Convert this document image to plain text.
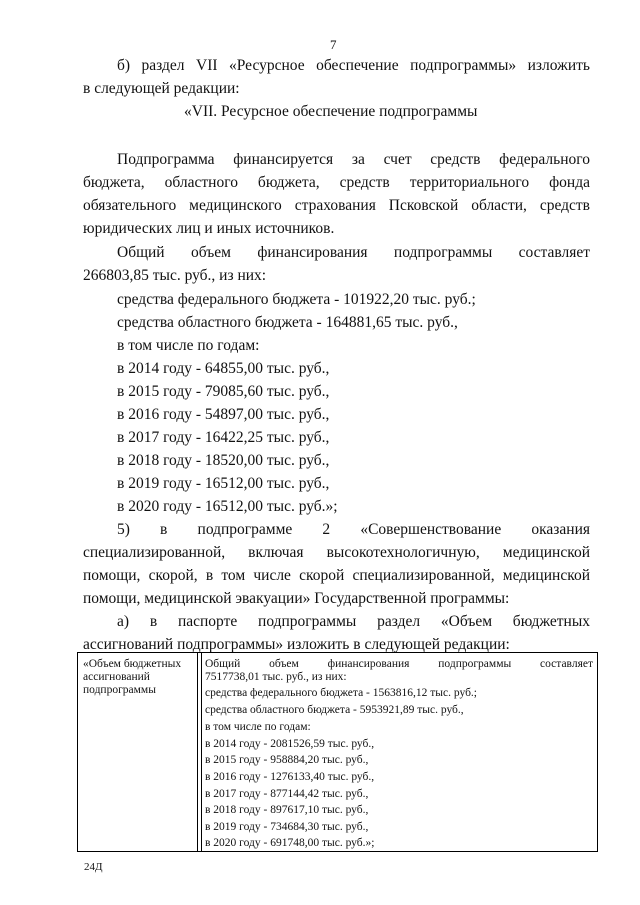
7
б) раздел VII «Ресурсное обеспечение подпрограммы» изложить
в следующей редакции:
«VII. Ресурсное обеспечение подпрограммы
Подпрограмма финансируется за счет средств федерального
бюджета, областного бюджета, средств территориального фонда
обязательного медицинского страхования Псковской области, средств
юридических лиц и иных источников.
Общий объем финансирования подпрограммы составляет
266803,85 тыс. руб., из них:
средства федерального бюджета - 101922,20 тыс. руб.;
средства областного бюджета - 164881,65 тыс. руб.,
в том числе по годам:
в 2014 году - 64855,00 тыс. руб.,
в 2015 году - 79085,60 тыс. руб.,
в 2016 году - 54897,00 тыс. руб.,
в 2017 году - 16422,25 тыс. руб.,
в 2018 году - 18520,00 тыс. руб.,
в 2019 году - 16512,00 тыс. руб.,
в 2020 году - 16512,00 тыс. руб.»;
5) в подпрограмме 2 «Совершенствование оказания
специализированной, включая высокотехнологичную, медицинской
помощи, скорой, в том числе скорой специализированной, медицинской
помощи, медицинской эвакуации» Государственной программы:
а) в паспорте подпрограммы раздел «Объем бюджетных
ассигнований подпрограммы» изложить в следующей редакции:
«Объем бюджетных
ассигнований
подпрограммы
Общий объем финансирования подпрограммы составляет
7517738,01 тыс. руб., из них:
средства федерального бюджета - 1563816,12 тыс. руб.;
средства областного бюджета - 5953921,89 тыс. руб.,
в том числе по годам:
в 2014 году - 2081526,59 тыс. руб.,
в 2015 году - 958884,20 тыс. руб.,
в 2016 году - 1276133,40 тыс. руб.,
в 2017 году - 877144,42 тыс. руб.,
в 2018 году - 897617,10 тыс. руб.,
в 2019 году - 734684,30 тыс. руб.,
в 2020 году - 691748,00 тыс. руб.»;
24Д
